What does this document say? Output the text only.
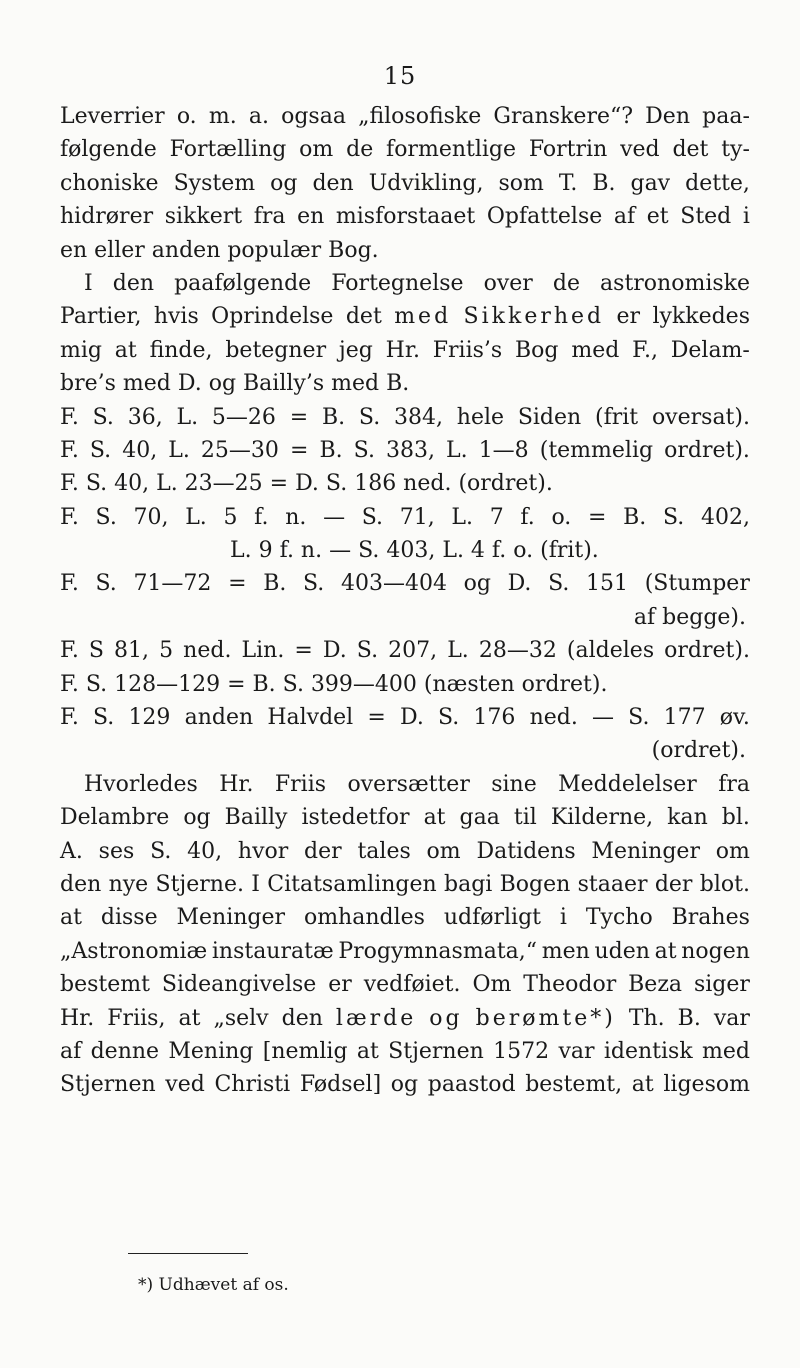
15
Leverrier o. m. a. ogsaa „filosofiske Granskere“? Den paa-
følgende Fortælling om de formentlige Fortrin ved det ty-
choniske System og den Udvikling, som T. B. gav dette,
hidrører sikkert fra en misforstaaet Opfattelse af et Sted i
en eller anden populær Bog.
I den paafølgende Fortegnelse over de astronomiske
Partier, hvis Oprindelse det med Sikkerhed er lykkedes
mig at finde, betegner jeg Hr. Friis’s Bog med F., Delam-
bre’s med D. og Bailly’s med B.
F. S. 36, L. 5—26 = B. S. 384, hele Siden (frit oversat).
F. S. 40, L. 25—30 = B. S. 383, L. 1—8 (temmelig ordret).
F. S. 40, L. 23—25 = D. S. 186 ned. (ordret).
F. S. 70, L. 5 f. n. — S. 71, L. 7 f. o. = B. S. 402,
L. 9 f. n. — S. 403, L. 4 f. o. (frit).
F. S. 71—72 = B. S. 403—404 og D. S. 151 (Stumper
af begge).
F. S 81, 5 ned. Lin. = D. S. 207, L. 28—32 (aldeles ordret).
F. S. 128—129 = B. S. 399—400 (næsten ordret).
F. S. 129 anden Halvdel = D. S. 176 ned. — S. 177 øv.
(ordret).
Hvorledes Hr. Friis oversætter sine Meddelelser fra
Delambre og Bailly istedetfor at gaa til Kilderne, kan bl.
A. ses S. 40, hvor der tales om Datidens Meninger om
den nye Stjerne. I Citatsamlingen bagi Bogen staaer der blot.
at disse Meninger omhandles udførligt i Tycho Brahes
„Astronomiæ instauratæ Progymnasmata,“ men uden at nogen
bestemt Sideangivelse er vedføiet. Om Theodor Beza siger
Hr. Friis, at „selv den lærde og berømte*) Th. B. var
af denne Mening [nemlig at Stjernen 1572 var identisk med
Stjernen ved Christi Fødsel] og paastod bestemt, at ligesom
*) Udhævet af os.
